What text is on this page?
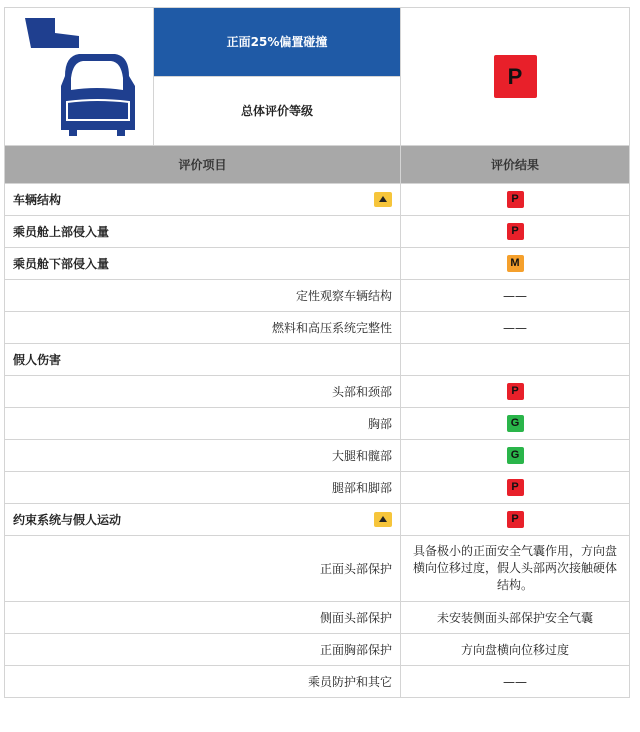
正面25%偏置碰撞
总体评价等级	P

评价项目	评价结果

车辆结构	P
乘员舱上部侵入量	P
乘员舱下部侵入量	M
定性观察车辆结构	——
燃料和高压系统完整性	——
假人伤害	
头部和颈部	P
胸部	G
大腿和髋部	G
腿部和脚部	P

约束系统与假人运动	P
正面头部保护	具备极小的正面安全气囊作用，方向盘横向位移过度，假人头部两次接触硬体结构。
侧面头部保护	未安装侧面头部保护安全气囊
正面胸部保护	方向盘横向位移过度
乘员防护和其它	——
